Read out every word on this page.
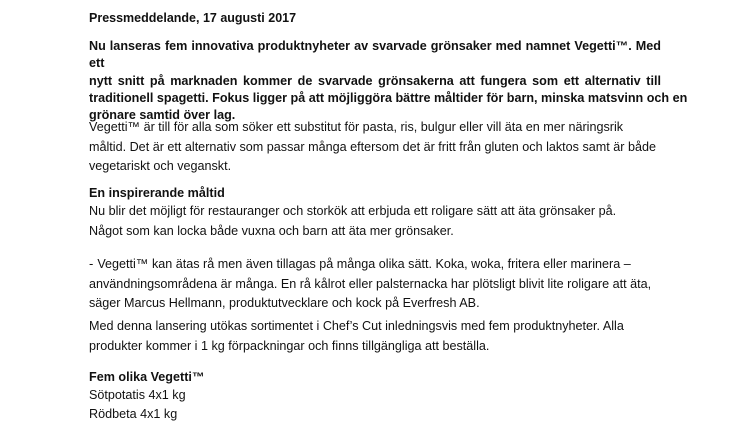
Pressmeddelande, 17 augusti 2017
Nu lanseras fem innovativa produktnyheter av svarvade grönsaker med namnet Vegetti™. Med ett
nytt snitt på marknaden kommer de svarvade grönsakerna att fungera som ett alternativ till
traditionell spagetti. Fokus ligger på att möjliggöra bättre måltider för barn, minska matsvinn och en
grönare samtid över lag.
Vegetti™ är till för alla som söker ett substitut för pasta, ris, bulgur eller vill äta en mer näringsrik
måltid. Det är ett alternativ som passar många eftersom det är fritt från gluten och laktos samt är både
vegetariskt och veganskt.
En inspirerande måltid
Nu blir det möjligt för restauranger och storkök att erbjuda ett roligare sätt att äta grönsaker på.
Något som kan locka både vuxna och barn att äta mer grönsaker.
- Vegetti™ kan ätas rå men även tillagas på många olika sätt. Koka, woka, fritera eller marinera –
användningsområdena är många. En rå kålrot eller palsternacka har plötsligt blivit lite roligare att äta,
säger Marcus Hellmann, produktutvecklare och kock på Everfresh AB.
Med denna lansering utökas sortimentet i Chef’s Cut inledningsvis med fem produktnyheter. Alla
produkter kommer i 1 kg förpackningar och finns tillgängliga att beställa.
Fem olika Vegetti™
Sötpotatis 4x1 kg
Rödbeta 4x1 kg
